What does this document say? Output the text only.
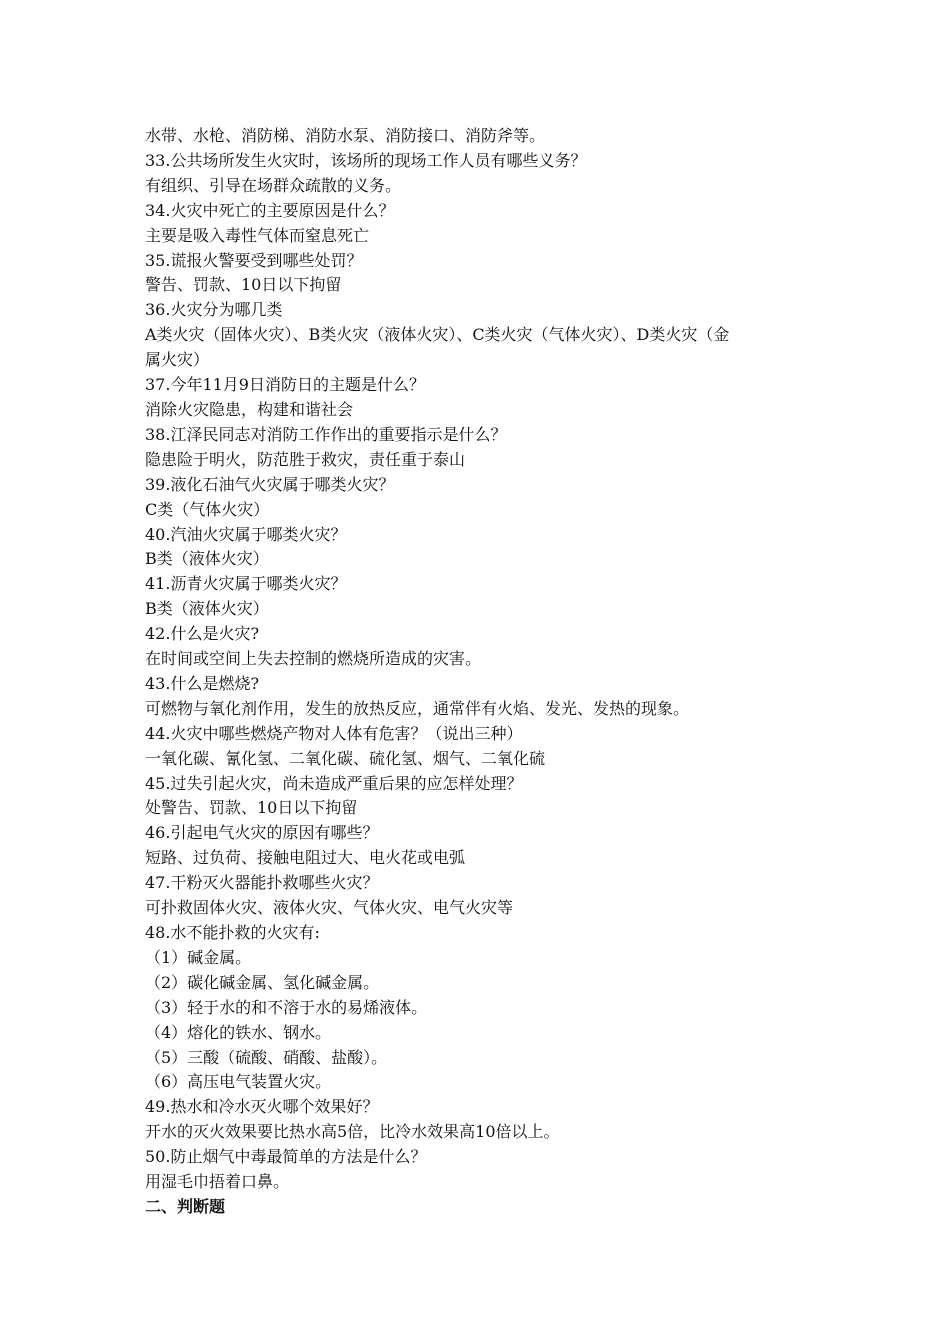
水带、水枪、消防梯、消防水泵、消防接口、消防斧等。
33.公共场所发生火灾时，该场所的现场工作人员有哪些义务？
有组织、引导在场群众疏散的义务。
34.火灾中死亡的主要原因是什么？
主要是吸入毒性气体而窒息死亡
35.谎报火警要受到哪些处罚？
警告、罚款、10日以下拘留
36.火灾分为哪几类
A类火灾（固体火灾）、B类火灾（液体火灾）、C类火灾（气体火灾）、D类火灾（金
属火灾）
37.今年11月9日消防日的主题是什么？
消除火灾隐患，构建和谐社会
38.江泽民同志对消防工作作出的重要指示是什么？
隐患险于明火，防范胜于救灾，责任重于泰山
39.液化石油气火灾属于哪类火灾？
C类（气体火灾）
40.汽油火灾属于哪类火灾？
B类（液体火灾）
41.沥青火灾属于哪类火灾？
B类（液体火灾）
42.什么是火灾?
在时间或空间上失去控制的燃烧所造成的灾害。
43.什么是燃烧?
可燃物与氧化剂作用，发生的放热反应，通常伴有火焰、发光、发热的现象。
44.火灾中哪些燃烧产物对人体有危害？（说出三种）
一氧化碳、氰化氢、二氧化碳、硫化氢、烟气、二氧化硫
45.过失引起火灾，尚未造成严重后果的应怎样处理？
处警告、罚款、10日以下拘留
46.引起电气火灾的原因有哪些？
短路、过负荷、接触电阻过大、电火花或电弧
47.干粉灭火器能扑救哪些火灾？
可扑救固体火灾、液体火灾、气体火灾、电气火灾等
48.水不能扑救的火灾有:
（1）碱金属。
（2）碳化碱金属、氢化碱金属。
（3）轻于水的和不溶于水的易烯液体。
（4）熔化的铁水、钢水。
（5）三酸（硫酸、硝酸、盐酸）。
（6）高压电气装置火灾。
49.热水和冷水灭火哪个效果好？
开水的灭火效果要比热水高5倍，比冷水效果高10倍以上。
50.防止烟气中毒最简单的方法是什么？
用湿毛巾捂着口鼻。
二、判断题
